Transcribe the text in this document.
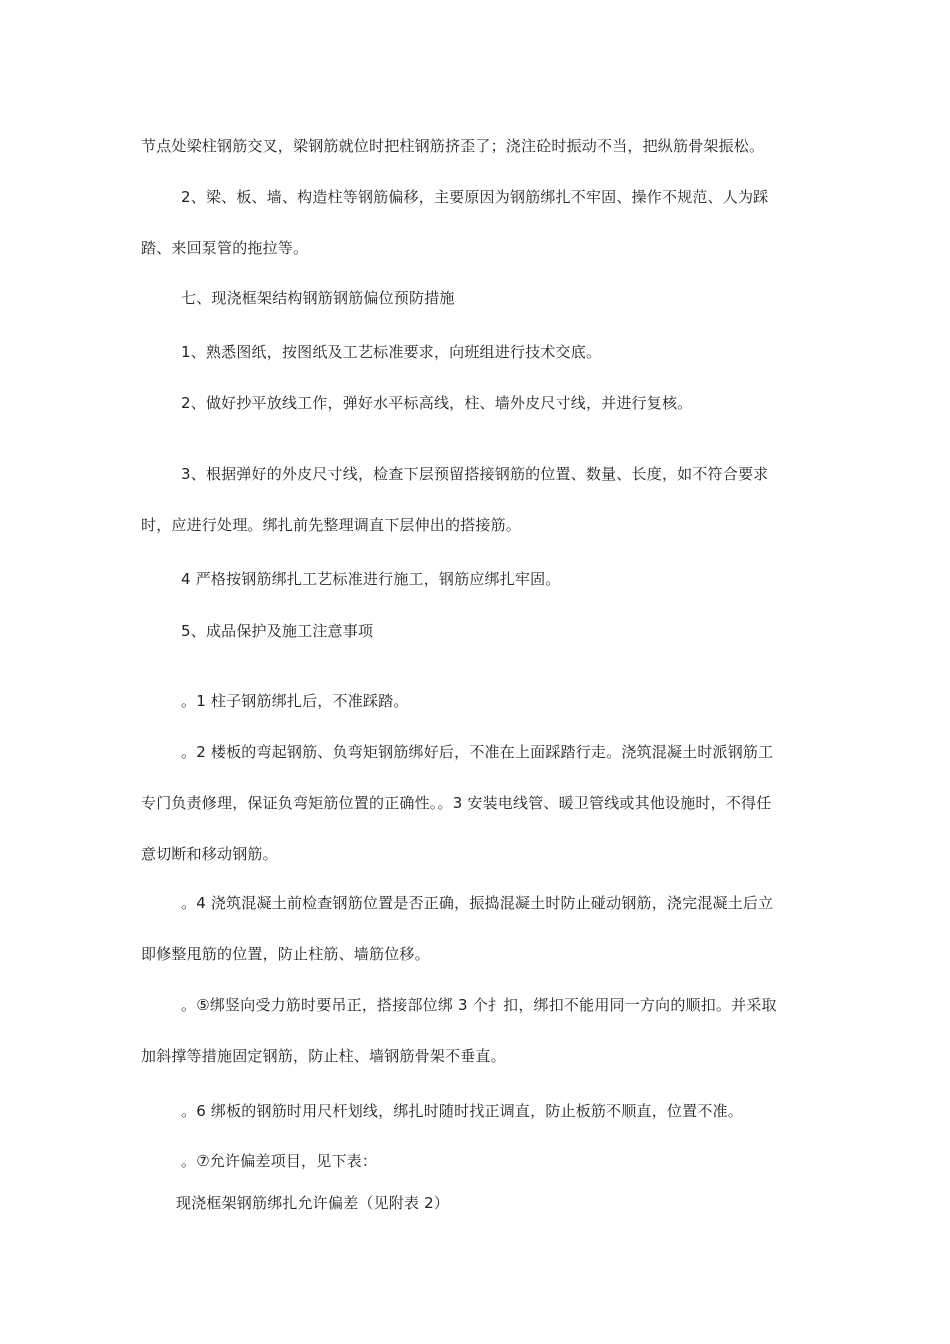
节点处梁柱钢筋交叉，梁钢筋就位时把柱钢筋挤歪了；浇注砼时振动不当，把纵筋骨架振松。
2、梁、板、墙、构造柱等钢筋偏移，主要原因为钢筋绑扎不牢固、操作不规范、人为踩
踏、来回泵管的拖拉等。
七、现浇框架结构钢筋钢筋偏位预防措施
1、熟悉图纸，按图纸及工艺标准要求，向班组进行技术交底。
2、做好抄平放线工作，弹好水平标高线，柱、墙外皮尺寸线，并进行复核。
3、根据弹好的外皮尺寸线，检查下层预留搭接钢筋的位置、数量、长度，如不符合要求
时，应进行处理。绑扎前先整理调直下层伸出的搭接筋。
4 严格按钢筋绑扎工艺标准进行施工，钢筋应绑扎牢固。
5、成品保护及施工注意事项
。1 柱子钢筋绑扎后，不准踩踏。
。2 楼板的弯起钢筋、负弯矩钢筋绑好后，不准在上面踩踏行走。浇筑混凝土时派钢筋工
专门负责修理，保证负弯矩筋位置的正确性。。3 安装电线管、暖卫管线或其他设施时，不得任
意切断和移动钢筋。
。4 浇筑混凝土前检查钢筋位置是否正确，振捣混凝土时防止碰动钢筋，浇完混凝土后立
即修整甩筋的位置，防止柱筋、墙筋位移。
。⑤绑竖向受力筋时要吊正，搭接部位绑 3 个扌扣，绑扣不能用同一方向的顺扣。并采取
加斜撑等措施固定钢筋，防止柱、墙钢筋骨架不垂直。
。6 绑板的钢筋时用尺杆划线，绑扎时随时找正调直，防止板筋不顺直，位置不准。
。⑦允许偏差项目，见下表：
现浇框架钢筋绑扎允许偏差（见附表 2）
